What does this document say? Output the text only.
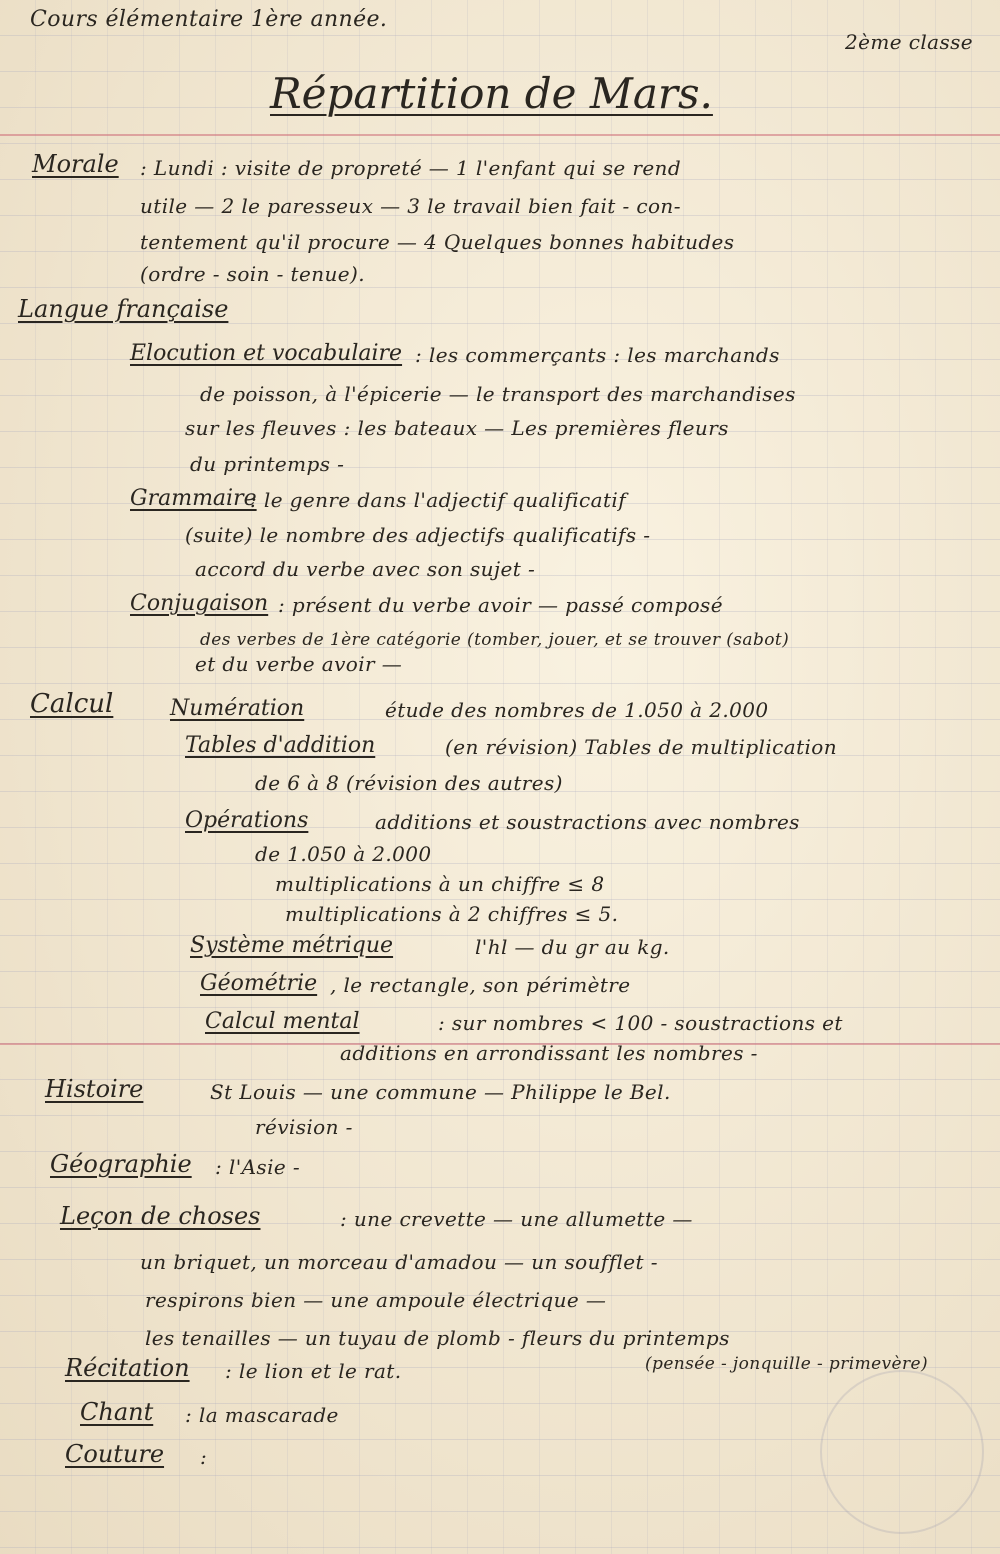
Cours élémentaire 1ère année.
2ème classe
Répartition de Mars.
Morale : Lundi : visite de propreté — 1 l'enfant qui se rend
utile — 2 le paresseux — 3 le travail bien fait - con-
tentement qu'il procure — 4 Quelques bonnes habitudes
(ordre - soin - tenue).
Langue française
Elocution et vocabulaire : les commerçants : les marchands
de poisson, à l'épicerie — le transport des marchandises
sur les fleuves : les bateaux — Les premières fleurs
du printemps -
Grammaire
: le genre dans l'adjectif qualificatif
(suite) le nombre des adjectifs qualificatifs -
accord du verbe avec son sujet -
Conjugaison : présent du verbe avoir — passé composé
des verbes de 1ère catégorie (tomber, jouer, et se trouver (sabot)
et du verbe avoir —
Calcul	Numération	étude des nombres de 1.050 à 2.000
Tables d'addition	(en révision) Tables de multiplication
de 6 à 8 (révision des autres)
Opérations	additions et soustractions avec nombres
de 1.050 à 2.000
multiplications à un chiffre ≤ 8
multiplications à 2 chiffres ≤ 5.
Système métrique	l'hl — du gr au kg.
Géométrie , le rectangle, son périmètre
Calcul mental	: sur nombres < 100 - soustractions et
additions en arrondissant les nombres -
Histoire	St Louis — une commune — Philippe le Bel.
révision -
Géographie : l'Asie -
Leçon de choses	: une crevette — une allumette —
un briquet, un morceau d'amadou — un soufflet -
respirons bien — une ampoule électrique —
les tenailles — un tuyau de plomb - fleurs du printemps
(pensée - jonquille - primevère)
Récitation : le lion et le rat.
Chant : la mascarade
Couture :
